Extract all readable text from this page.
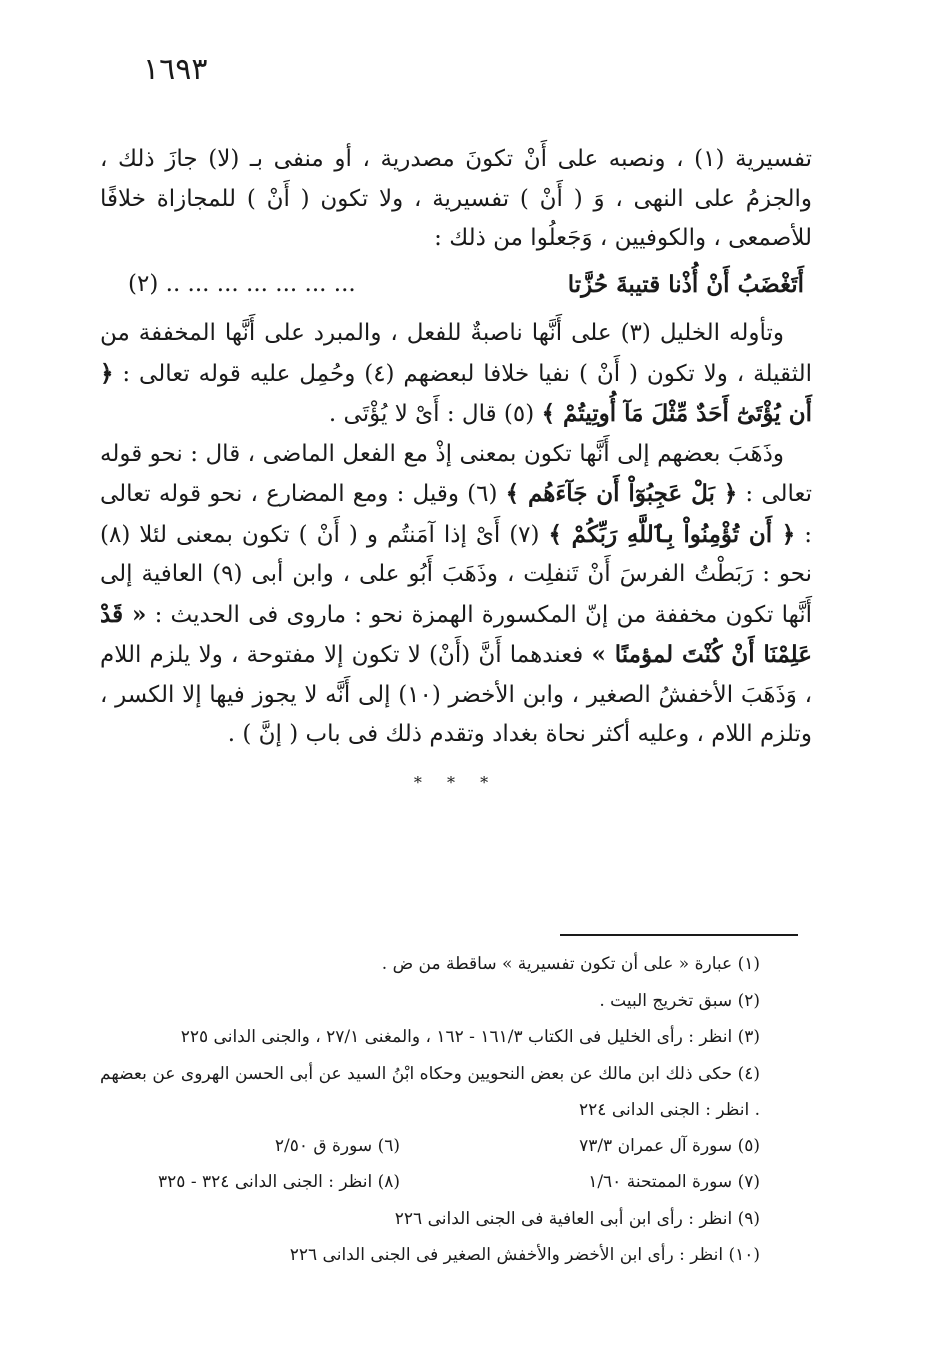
١٦٩٣

تفسيرية (١) ، ونصبه على أَنْ تكونَ مصدرية ، أو منفى بـ (لا) جازَ ذلك ، والجزمُ على النهى ، وَ ( أَنْ ) تفسيرية ، ولا تكون ( أَنْ ) للمجازاة خلافًا للأصمعى ، والكوفيين ، وَجَعلُوا من ذلك :

أَتَغْضَبُ أَنْ أُذْنا قتيبةَ حُزَّتا
(٢) .. ... ... ... ... ... ...

وتأوله الخليل (٣) على أَنَّها ناصبةٌ للفعل ، والمبرد على أَنَّها المخففة من الثقيلة ، ولا تكون ( أَنْ ) نفيا خلافا لبعضهم (٤) وحُمِل عليه قوله تعالى : ﴿ أَن يُؤْتَىٰٓ أَحَدٌ مِّثْلَ مَآ أُوتِيتُمْ ﴾ (٥) قال : أَىْ لا يُؤْتَى .

وذَهَبَ بعضهم إلى أَنَّها تكون بمعنى إذْ مع الفعل الماضى ، قال : نحو قوله تعالى : ﴿ بَلْ عَجِبُوٓاْ أَن جَآءَهُم ﴾ (٦) وقيل : ومع المضارع ، نحو قوله تعالى : ﴿ أَن تُؤْمِنُواْ بِٱللَّهِ رَبِّكُمْ ﴾ (٧) أَىْ إذا آمَنتُم و ( أَنْ ) تكون بمعنى لئلا (٨) نحو : رَبَطْتُ الفرسَ أَنْ تَنفلِت ، وذَهَبَ أَبُو على ، وابن أبى (٩) العافية إلى أَنَّها تكون مخففة من إنّ المكسورة الهمزة نحو : ماروى فى الحديث : « قَدْ عَلِمْنَا أَنْ كُنْتَ لمؤمنًا » فعندهما أَنَّ (أَنْ) لا تكون إلا مفتوحة ، ولا يلزم اللام ، وَذَهَبَ الأخفشُ الصغير ، وابن الأخضر (١٠) إلى أَنَّه لا يجوز فيها إلا الكسر ، وتلزم اللام ، وعليه أكثر نحاة بغداد وتقدم ذلك فى باب ( إنَّ ) .

* * *

(١) عبارة « على أن تكون تفسيرية » ساقطة من ض .

(٢) سبق تخريج البيت .

(٣) انظر : رأى الخليل فى الكتاب ١٦١/٣ - ١٦٢ ، والمغنى ٢٧/١ ، والجنى الدانى ٢٢٥

(٤) حكى ذلك ابن مالك عن بعض النحويين وحكاه ابْنُ السيد عن أبى الحسن الهروى عن بعضهم . انظر : الجنى الدانى ٢٢٤

(٥) سورة آل عمران ٧٣/٣
(٦) سورة ق ٢/٥٠
(٧) سورة الممتحنة ١/٦٠
(٨) انظر : الجنى الدانى ٣٢٤ - ٣٢٥

(٩) انظر : رأى ابن أبى العافية فى الجنى الدانى ٢٢٦

(١٠) انظر : رأى ابن الأخضر والأخفش الصغير فى الجنى الدانى ٢٢٦
